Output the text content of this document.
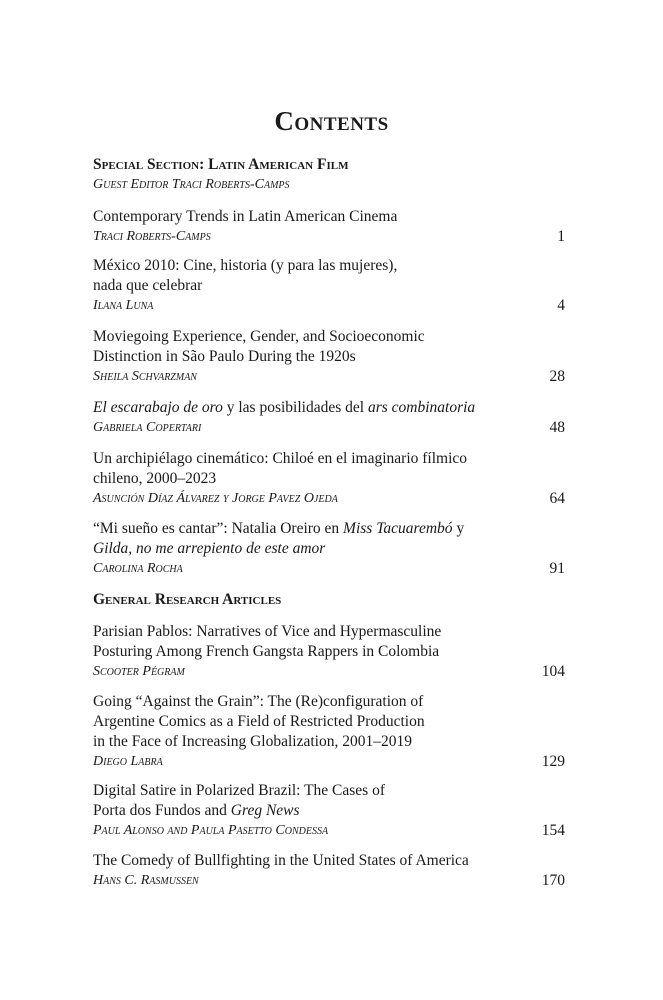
Contents
Special Section: Latin American Film
Guest Editor Traci Roberts-Camps
Contemporary Trends in Latin American Cinema
Traci Roberts-Camps	1
México 2010: Cine, historia (y para las mujeres),
nada que celebrar
Ilana Luna	4
Moviegoing Experience, Gender, and Socioeconomic
Distinction in São Paulo During the 1920s
Sheila Schvarzman	28
El escarabajo de oro y las posibilidades del ars combinatoria
Gabriela Copertari	48
Un archipiélago cinemático: Chiloé en el imaginario fílmico
chileno, 2000–2023
Asunción Díaz Álvarez y Jorge Pavez Ojeda	64
“Mi sueño es cantar”: Natalia Oreiro en Miss Tacuarembó y
Gilda, no me arrepiento de este amor
Carolina Rocha	91
General Research Articles
Parisian Pablos: Narratives of Vice and Hypermasculine
Posturing Among French Gangsta Rappers in Colombia
Scooter Pégram	104
Going “Against the Grain”: The (Re)configuration of
Argentine Comics as a Field of Restricted Production
in the Face of Increasing Globalization, 2001–2019
Diego Labra	129
Digital Satire in Polarized Brazil: The Cases of
Porta dos Fundos and Greg News
Paul Alonso and Paula Pasetto Condessa	154
The Comedy of Bullfighting in the United States of America
Hans C. Rasmussen	170
